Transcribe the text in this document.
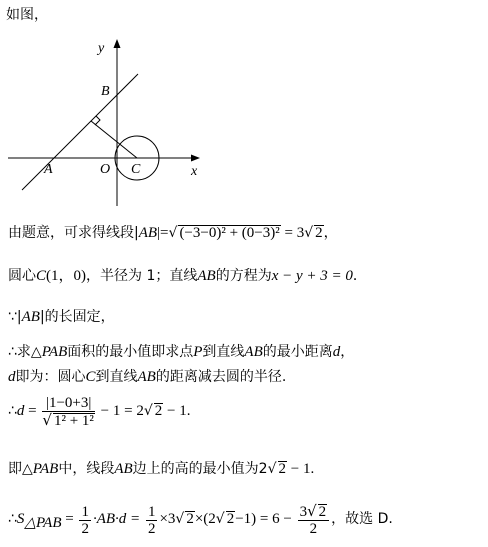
如图，
y
B
A	O C	x
由题意，可求得线段|AB|=√ (−3−0)² + (0−3)² = 3√ 2，
圆心C(1，0)，半径为 1；直线AB的方程为x − y + 3 = 0．
∵|AB|的长固定，
∴求△PAB面积的最小值即求点P到直线AB的最小距离d，
d即为：圆心C到直线AB的距离减去圆的半径.
∴d = $\frac{|1-0+3|}{\text{√ 1² + 1²}} - 1 = 2√$ 2 − 1.
即△PAB中，线段AB边上的高的最小值为2√ 2 − 1.
$\therefore S_{\triangle PAB} = \frac{1}{2} \cdot AB\cdot d = \frac{1}{2} \times 3√$ 2×(2√ $2-1) = 6 - \frac{3√ 2}{2}$ ，故选 D.
